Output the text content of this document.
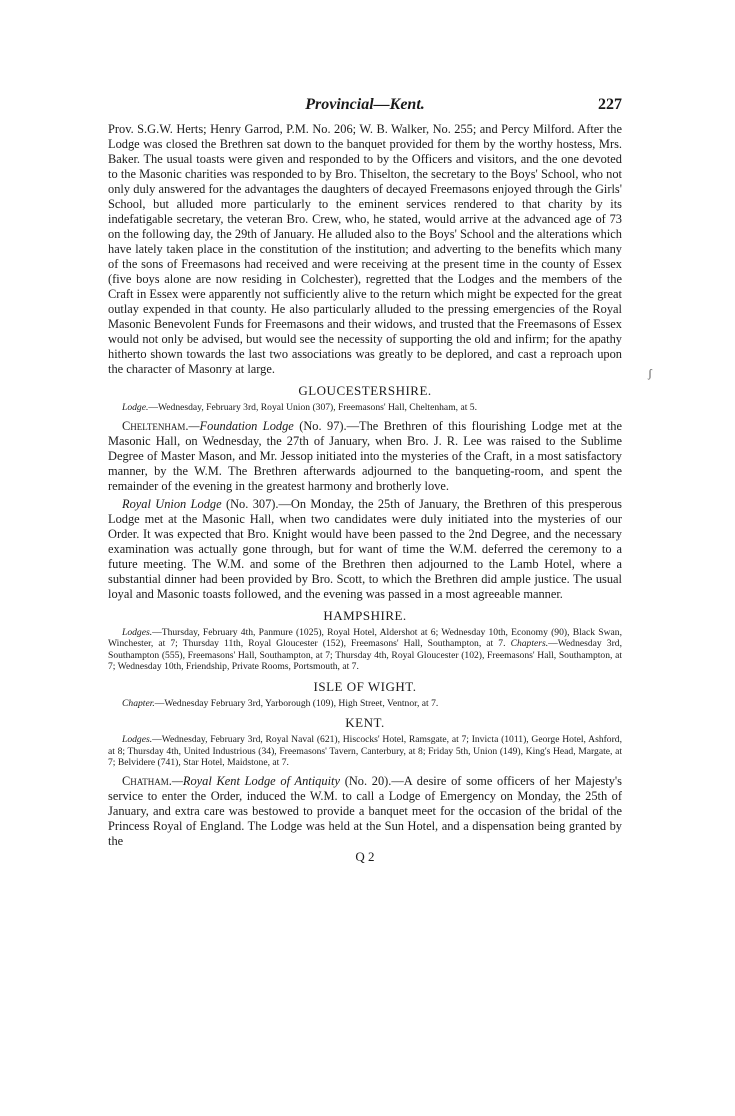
ʃ
Provincial—Kent.	227

Prov. S.G.W. Herts; Henry Garrod, P.M. No. 206; W. B. Walker, No. 255; and Percy Milford. After the Lodge was closed the Brethren sat down to the banquet provided for them by the worthy hostess, Mrs. Baker. The usual toasts were given and responded to by the Officers and visitors, and the one devoted to the Masonic charities was responded to by Bro. Thiselton, the secretary to the Boys' School, who not only duly answered for the advantages the daughters of decayed Freemasons enjoyed through the Girls' School, but alluded more particularly to the eminent services rendered to that charity by its indefatigable secretary, the veteran Bro. Crew, who, he stated, would arrive at the advanced age of 73 on the following day, the 29th of January. He alluded also to the Boys' School and the alterations which have lately taken place in the constitution of the institution; and adverting to the benefits which many of the sons of Freemasons had received and were receiving at the present time in the county of Essex (five boys alone are now residing in Colchester), regretted that the Lodges and the members of the Craft in Essex were apparently not sufficiently alive to the return which might be expected for the great outlay expended in that county. He also particularly alluded to the pressing emergencies of the Royal Masonic Benevolent Funds for Freemasons and their widows, and trusted that the Freemasons of Essex would not only be advised, but would see the necessity of supporting the old and infirm; for the apathy hitherto shown towards the last two associations was greatly to be deplored, and cast a reproach upon the character of Masonry at large.

GLOUCESTERSHIRE.

Lodge.—Wednesday, February 3rd, Royal Union (307), Freemasons' Hall, Cheltenham, at 5.

Cheltenham.—Foundation Lodge (No. 97).—The Brethren of this flourishing Lodge met at the Masonic Hall, on Wednesday, the 27th of January, when Bro. J. R. Lee was raised to the Sublime Degree of Master Mason, and Mr. Jessop initiated into the mysteries of the Craft, in a most satisfactory manner, by the W.M. The Brethren afterwards adjourned to the banqueting-room, and spent the remainder of the evening in the greatest harmony and brotherly love.

Royal Union Lodge (No. 307).—On Monday, the 25th of January, the Brethren of this presperous Lodge met at the Masonic Hall, when two candidates were duly initiated into the mysteries of our Order. It was expected that Bro. Knight would have been passed to the 2nd Degree, and the necessary examination was actually gone through, but for want of time the W.M. deferred the ceremony to a future meeting. The W.M. and some of the Brethren then adjourned to the Lamb Hotel, where a substantial dinner had been provided by Bro. Scott, to which the Brethren did ample justice. The usual loyal and Masonic toasts followed, and the evening was passed in a most agreeable manner.

HAMPSHIRE.

Lodges.—Thursday, February 4th, Panmure (1025), Royal Hotel, Aldershot at 6; Wednesday 10th, Economy (90), Black Swan, Winchester, at 7; Thursday 11th, Royal Gloucester (152), Freemasons' Hall, Southampton, at 7. Chapters.—Wednesday 3rd, Southampton (555), Freemasons' Hall, Southampton, at 7; Thursday 4th, Royal Gloucester (102), Freemasons' Hall, Southampton, at 7; Wednesday 10th, Friendship, Private Rooms, Portsmouth, at 7.

ISLE OF WIGHT.

Chapter.—Wednesday February 3rd, Yarborough (109), High Street, Ventnor, at 7.

KENT.

Lodges.—Wednesday, February 3rd, Royal Naval (621), Hiscocks' Hotel, Ramsgate, at 7; Invicta (1011), George Hotel, Ashford, at 8; Thursday 4th, United Industrious (34), Freemasons' Tavern, Canterbury, at 8; Friday 5th, Union (149), King's Head, Margate, at 7; Belvidere (741), Star Hotel, Maidstone, at 7.

Chatham.—Royal Kent Lodge of Antiquity (No. 20).—A desire of some officers of her Majesty's service to enter the Order, induced the W.M. to call a Lodge of Emergency on Monday, the 25th of January, and extra care was bestowed to provide a banquet meet for the occasion of the bridal of the Princess Royal of England. The Lodge was held at the Sun Hotel, and a dispensation being granted by the

Q 2
